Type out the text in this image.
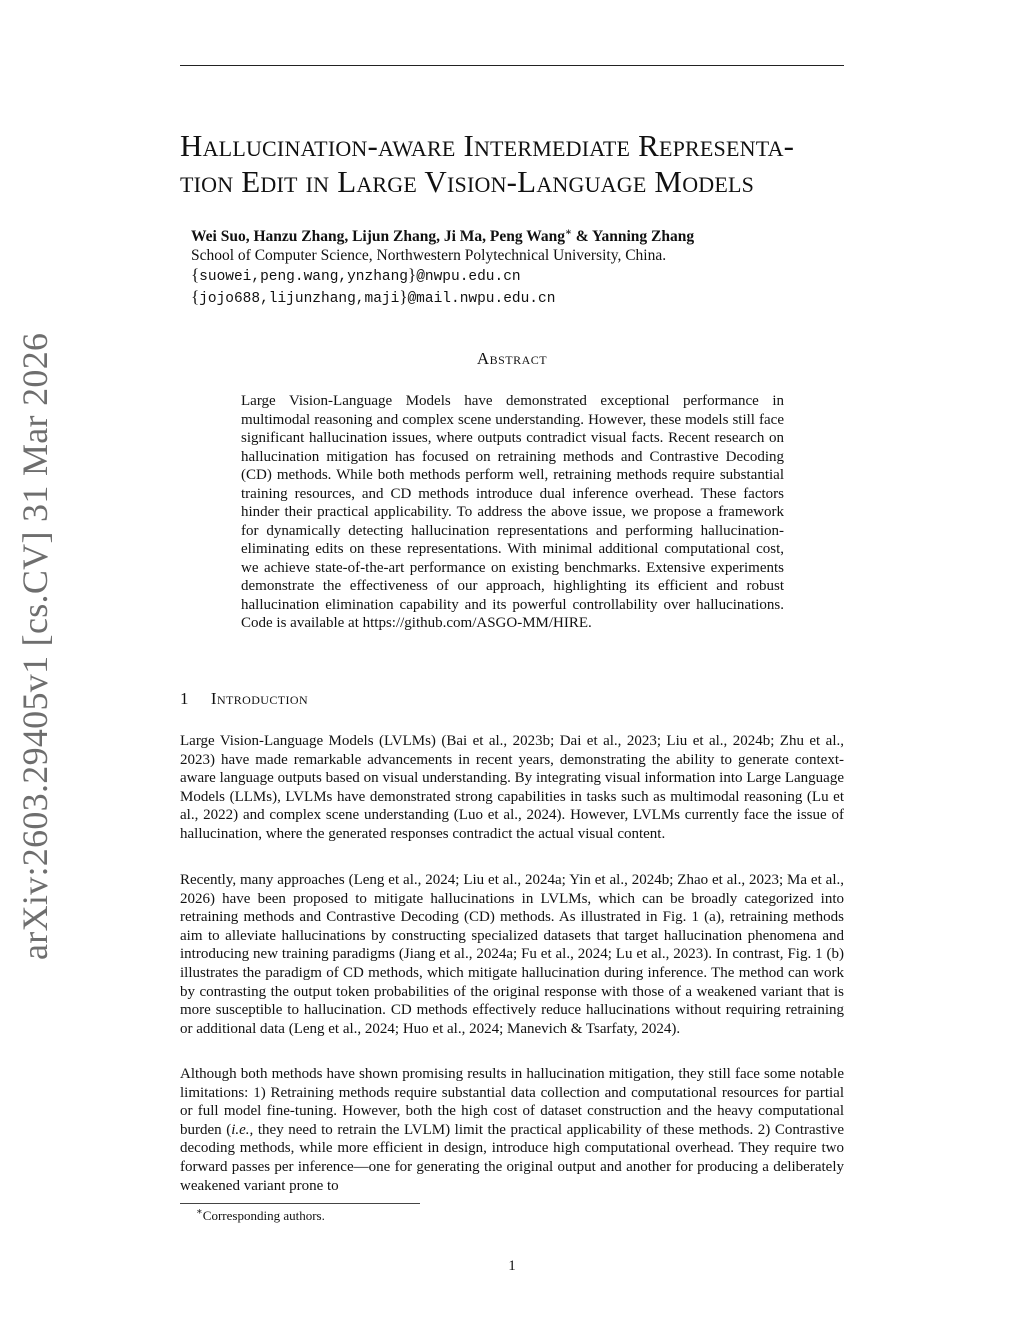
arXiv:2603.29405v1 [cs.CV] 31 Mar 2026
Hallucination-aware Intermediate Representa-
tion Edit in Large Vision-Language Models
Wei Suo, Hanzu Zhang, Lijun Zhang, Ji Ma, Peng Wang∗ & Yanning Zhang
School of Computer Science, Northwestern Polytechnical University, China.
{suowei,peng.wang,ynzhang}@nwpu.edu.cn
{jojo688,lijunzhang,maji}@mail.nwpu.edu.cn
Abstract

Large Vision-Language Models have demonstrated exceptional performance in multimodal reasoning and complex scene understanding. However, these models still face significant hallucination issues, where outputs contradict visual facts. Recent research on hallucination mitigation has focused on retraining methods and Contrastive Decoding (CD) methods. While both methods perform well, retraining methods require substantial training resources, and CD methods introduce dual inference overhead. These factors hinder their practical applicability. To address the above issue, we propose a framework for dynamically detecting hallucination representations and performing hallucination-eliminating edits on these representations. With minimal additional computational cost, we achieve state-of-the-art performance on existing benchmarks. Extensive experiments demonstrate the effectiveness of our approach, highlighting its efficient and robust hallucination elimination capability and its powerful controllability over hallucinations. Code is available at https://github.com/ASGO-MM/HIRE.

1 Introduction

Large Vision-Language Models (LVLMs) (Bai et al., 2023b; Dai et al., 2023; Liu et al., 2024b; Zhu et al., 2023) have made remarkable advancements in recent years, demonstrating the ability to generate context-aware language outputs based on visual understanding. By integrating visual information into Large Language Models (LLMs), LVLMs have demonstrated strong capabilities in tasks such as multimodal reasoning (Lu et al., 2022) and complex scene understanding (Luo et al., 2024). However, LVLMs currently face the issue of hallucination, where the generated responses contradict the actual visual content.

Recently, many approaches (Leng et al., 2024; Liu et al., 2024a; Yin et al., 2024b; Zhao et al., 2023; Ma et al., 2026) have been proposed to mitigate hallucinations in LVLMs, which can be broadly categorized into retraining methods and Contrastive Decoding (CD) methods. As illustrated in Fig. 1 (a), retraining methods aim to alleviate hallucinations by constructing specialized datasets that target hallucination phenomena and introducing new training paradigms (Jiang et al., 2024a; Fu et al., 2024; Lu et al., 2023). In contrast, Fig. 1 (b) illustrates the paradigm of CD methods, which mitigate hallucination during inference. The method can work by contrasting the output token probabilities of the original response with those of a weakened variant that is more susceptible to hallucination. CD methods effectively reduce hallucinations without requiring retraining or additional data (Leng et al., 2024; Huo et al., 2024; Manevich & Tsarfaty, 2024).

Although both methods have shown promising results in hallucination mitigation, they still face some notable limitations: 1) Retraining methods require substantial data collection and computational resources for partial or full model fine-tuning. However, both the high cost of dataset construction and the heavy computational burden (i.e., they need to retrain the LVLM) limit the practical applicability of these methods. 2) Contrastive decoding methods, while more efficient in design, introduce high computational overhead. They require two forward passes per inference—one for generating the original output and another for producing a deliberately weakened variant prone to

∗Corresponding authors.
1
